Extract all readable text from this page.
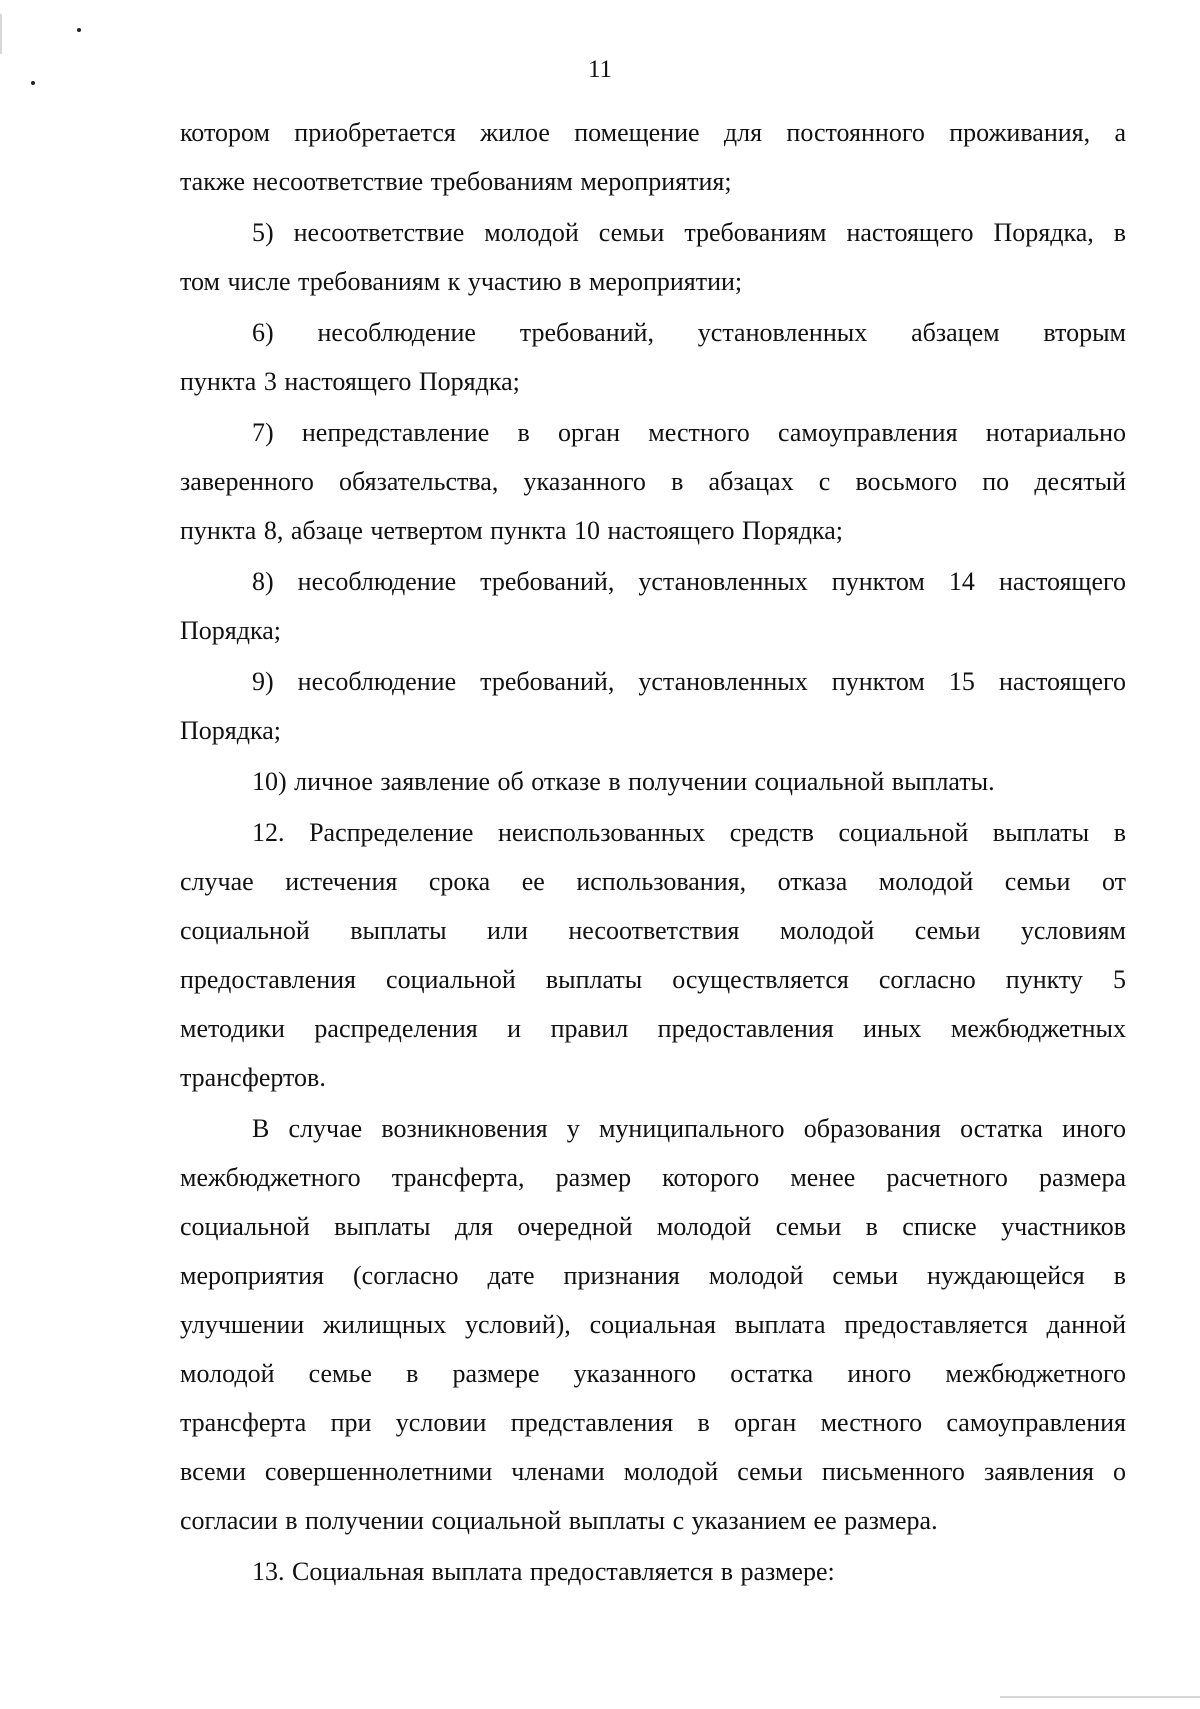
11
котором приобретается жилое помещение для постоянного проживания, а
также несоответствие требованиям мероприятия;
5) несоответствие молодой семьи требованиям настоящего Порядка, в
том числе требованиям к участию в мероприятии;
6) несоблюдение требований, установленных абзацем вторым
пункта 3 настоящего Порядка;
7) непредставление в орган местного самоуправления нотариально
заверенного обязательства, указанного в абзацах с восьмого по десятый
пункта 8, абзаце четвертом пункта 10 настоящего Порядка;
8) несоблюдение требований, установленных пунктом 14 настоящего
Порядка;
9) несоблюдение требований, установленных пунктом 15 настоящего
Порядка;
10) личное заявление об отказе в получении социальной выплаты.
12. Распределение неиспользованных средств социальной выплаты в
случае истечения срока ее использования, отказа молодой семьи от
социальной выплаты или несоответствия молодой семьи условиям
предоставления социальной выплаты осуществляется согласно пункту 5
методики распределения и правил предоставления иных межбюджетных
трансфертов.
В случае возникновения у муниципального образования остатка иного
межбюджетного трансферта, размер которого менее расчетного размера
социальной выплаты для очередной молодой семьи в списке участников
мероприятия (согласно дате признания молодой семьи нуждающейся в
улучшении жилищных условий), социальная выплата предоставляется данной
молодой семье в размере указанного остатка иного межбюджетного
трансферта при условии представления в орган местного самоуправления
всеми совершеннолетними членами молодой семьи письменного заявления о
согласии в получении социальной выплаты с указанием ее размера.
13. Социальная выплата предоставляется в размере:
